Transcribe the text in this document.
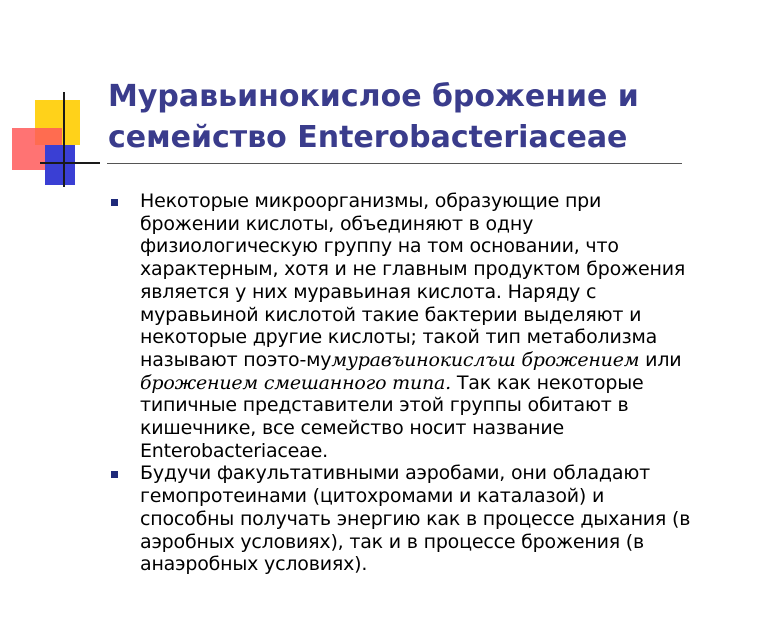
Муравьинокислое брожение и
семейство Enterobacteriaceae
Некоторые микроорганизмы, образующие при
брожении кислоты, объединяют в одну
физиологическую группу на том основании, что
характерным, хотя и не главным продуктом брожения
является у них муравьиная кислота. Наряду с
муравьиной кислотой такие бактерии выделяют и
некоторые другие кислоты; такой тип метаболизма
называют поэто-мумуравъинокислъш брожением или
брожением смешанного типа. Так как некоторые
типичные представители этой группы обитают в
кишечнике, все семейство носит название
Enterobacteriaceae.
Будучи факультативными аэробами, они обладают
гемопротеинами (цитохромами и каталазой) и
способны получать энергию как в процессе дыхания (в
аэробных условиях), так и в процессе брожения (в
анаэробных условиях).
